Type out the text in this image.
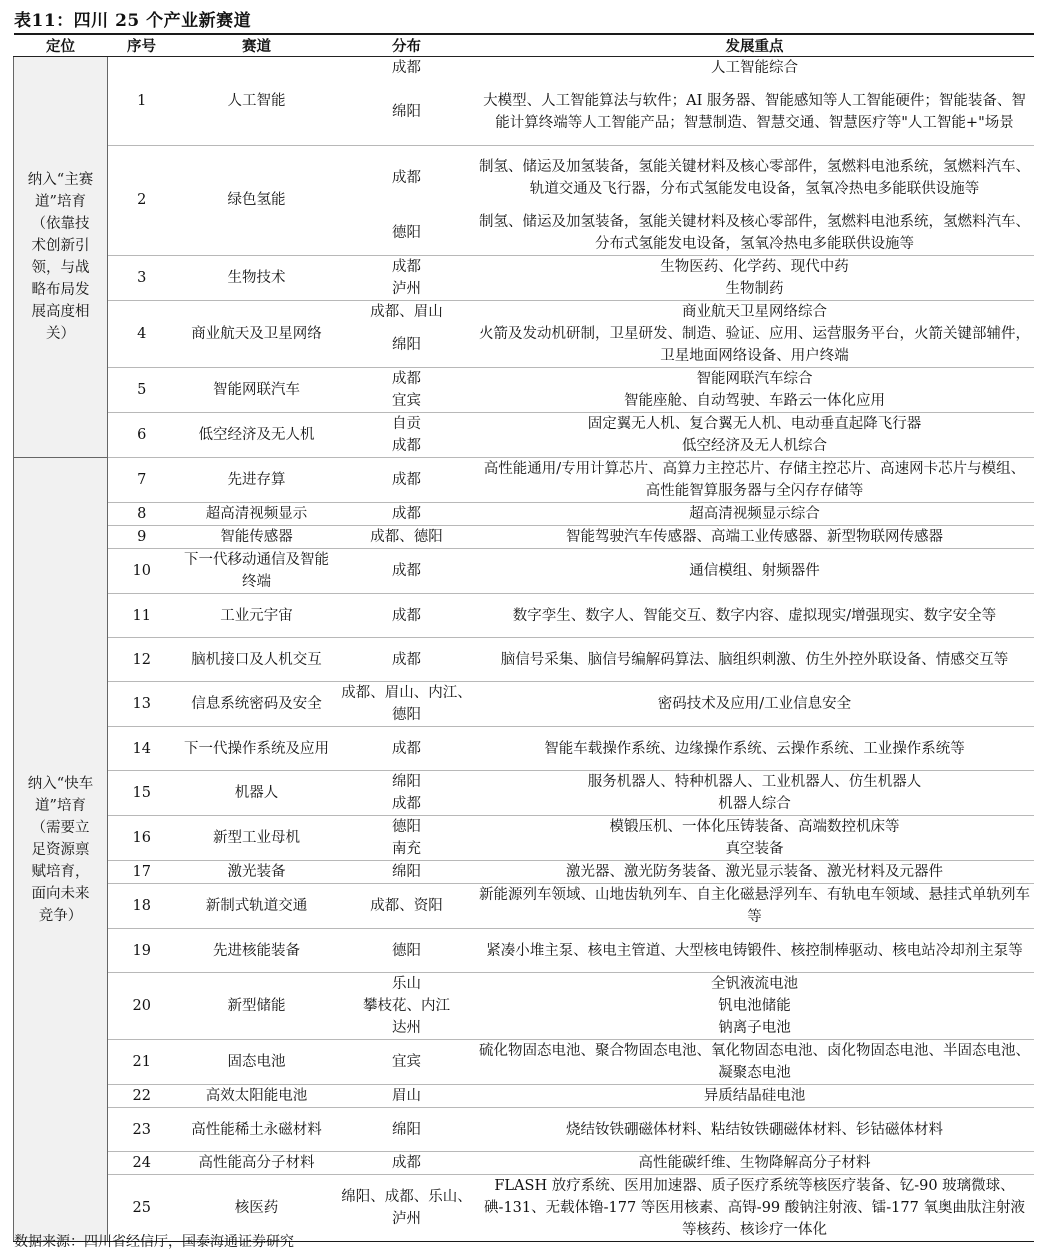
表11：四川 25 个产业新赛道
定位	序号	赛道	分布	发展重点
纳入“主赛道”培育（依靠技术创新引领，与战略布局发展高度相关）	1	人工智能	成都	人工智能综合
			绵阳	大模型、人工智能算法与软件；AI 服务器、智能感知等人工智能硬件；智能装备、智能计算终端等人工智能产品；智慧制造、智慧交通、智慧医疗等"人工智能+"场景
	2	绿色氢能	成都	制氢、储运及加氢装备，氢能关键材料及核心零部件，氢燃料电池系统，氢燃料汽车、轨道交通及飞行器，分布式氢能发电设备，氢氧冷热电多能联供设施等
			德阳	制氢、储运及加氢装备，氢能关键材料及核心零部件，氢燃料电池系统，氢燃料汽车、分布式氢能发电设备，氢氧冷热电多能联供设施等
	3	生物技术	成都	生物医药、化学药、现代中药
			泸州	生物制药
	4	商业航天及卫星网络	成都、眉山	商业航天卫星网络综合
			绵阳	火箭及发动机研制，卫星研发、制造、验证、应用、运营服务平台，火箭关键部辅件，卫星地面网络设备、用户终端
	5	智能网联汽车	成都	智能网联汽车综合
			宜宾	智能座舱、自动驾驶、车路云一体化应用
	6	低空经济及无人机	自贡	固定翼无人机、复合翼无人机、电动垂直起降飞行器
			成都	低空经济及无人机综合
纳入“快车道”培育（需要立足资源禀赋培育，面向未来竞争）	7	先进存算	成都	高性能通用/专用计算芯片、高算力主控芯片、存储主控芯片、高速网卡芯片与模组、高性能智算服务器与全闪存存储等
	8	超高清视频显示	成都	超高清视频显示综合
	9	智能传感器	成都、德阳	智能驾驶汽车传感器、高端工业传感器、新型物联网传感器
	10	下一代移动通信及智能终端	成都	通信模组、射频器件
	11	工业元宇宙	成都	数字孪生、数字人、智能交互、数字内容、虚拟现实/增强现实、数字安全等
	12	脑机接口及人机交互	成都	脑信号采集、脑信号编解码算法、脑组织刺激、仿生外控外联设备、情感交互等
	13	信息系统密码及安全	成都、眉山、内江、德阳	密码技术及应用/工业信息安全
	14	下一代操作系统及应用	成都	智能车载操作系统、边缘操作系统、云操作系统、工业操作系统等
	15	机器人	绵阳	服务机器人、特种机器人、工业机器人、仿生机器人
			成都	机器人综合
	16	新型工业母机	德阳	模锻压机、一体化压铸装备、高端数控机床等
			南充	真空装备
	17	激光装备	绵阳	激光器、激光防务装备、激光显示装备、激光材料及元器件
	18	新制式轨道交通	成都、资阳	新能源列车领域、山地齿轨列车、自主化磁悬浮列车、有轨电车领域、悬挂式单轨列车等
	19	先进核能装备	德阳	紧凑小堆主泵、核电主管道、大型核电铸锻件、核控制棒驱动、核电站冷却剂主泵等
	20	新型储能	乐山	全钒液流电池
			攀枝花、内江	钒电池储能
			达州	钠离子电池
	21	固态电池	宜宾	硫化物固态电池、聚合物固态电池、氧化物固态电池、卤化物固态电池、半固态电池、凝聚态电池
	22	高效太阳能电池	眉山	异质结晶硅电池
	23	高性能稀土永磁材料	绵阳	烧结钕铁硼磁体材料、粘结钕铁硼磁体材料、钐钴磁体材料
	24	高性能高分子材料	成都	高性能碳纤维、生物降解高分子材料
	25	核医药	绵阳、成都、乐山、泸州	FLASH 放疗系统、医用加速器、质子医疗系统等核医疗装备、钇-90 玻璃微球、碘-131、无载体镥-177 等医用核素、高锝-99 酸钠注射液、镭-177 氧奥曲肽注射液等核药、核诊疗一体化
数据来源：四川省经信厅，国泰海通证券研究
